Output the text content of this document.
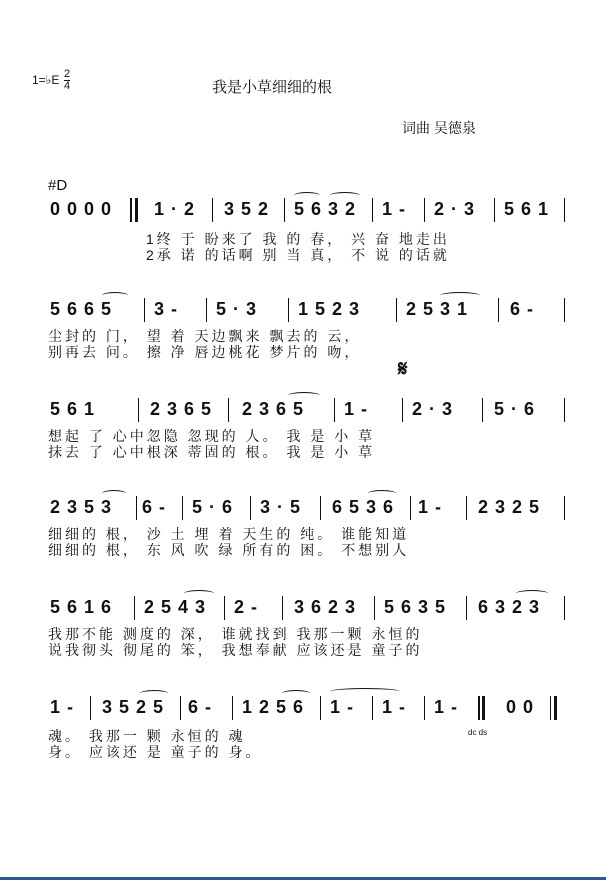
1=♭E 2
4	我是小草细细的根
词曲 吴德泉
#D
0 0 0 0 1 · 2 3 5 2 5 6 3 2 1 - 2 · 3 5 6 1
1终 于 盼来了 我 的 春， 兴 奋 地走出
2承 诺 的话啊 别 当 真， 不 说 的话就
5 6 6 5 3 - 5 · 3 1 5 2 3	2 5 3 1 6 -
尘封的 门， 望 着 天边飘来 飘去的 云，
别再去 问。 擦 净 唇边桃花 梦片的 吻，
𝄋
5 6 1	2 3 6 5 2 3 6 5 1 - 2 · 3 5 · 6
想起 了 心中忽隐 忽现的 人。 我 是 小 草
抹去 了 心中根深 蒂固的 根。 我 是 小 草
2 3 5 3 6 - 5 · 6 3 · 5 6 5 3 6 1 - 2 3 2 5
细细的 根， 沙 土 埋 着 天生的 纯。 谁能知道
细细的 根， 东 风 吹 绿 所有的 困。 不想别人
5 6 1 6 2 5 4 3 2 - 3 6 2 3 5 6 3 5 6 3 2 3
我那不能 测度的 深， 谁就找到 我那一颗 永恒的
说我彻头 彻尾的 笨， 我想奉献 应该还是 童子的
1 - 3 5 2 5 6 - 1 2 5 6 1 - 1 - 1 -	0 0
dc ds
魂。 我那一 颗 永恒的 魂
身。 应该还 是 童子的 身。
